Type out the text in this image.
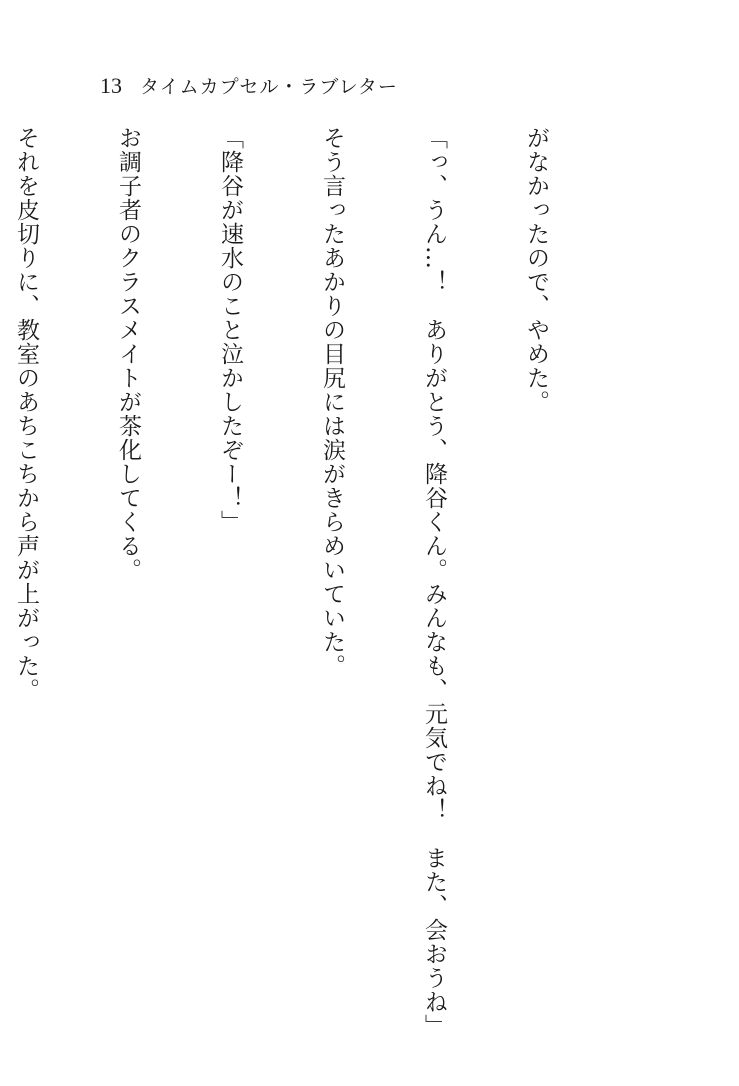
13 タイムカプセル・ラブレター

がなかったので、やめた。

「っ、うん…！　ありがとう、降谷くん。みんなも、元気でね！　また、会おうね」

そう言ったあかりの目尻には涙がきらめいていた。

「降谷が速水のこと泣かしたぞー！」

お調子者のクラスメイトが茶化してくる。

それを皮切りに、教室のあちこちから声が上がった。
